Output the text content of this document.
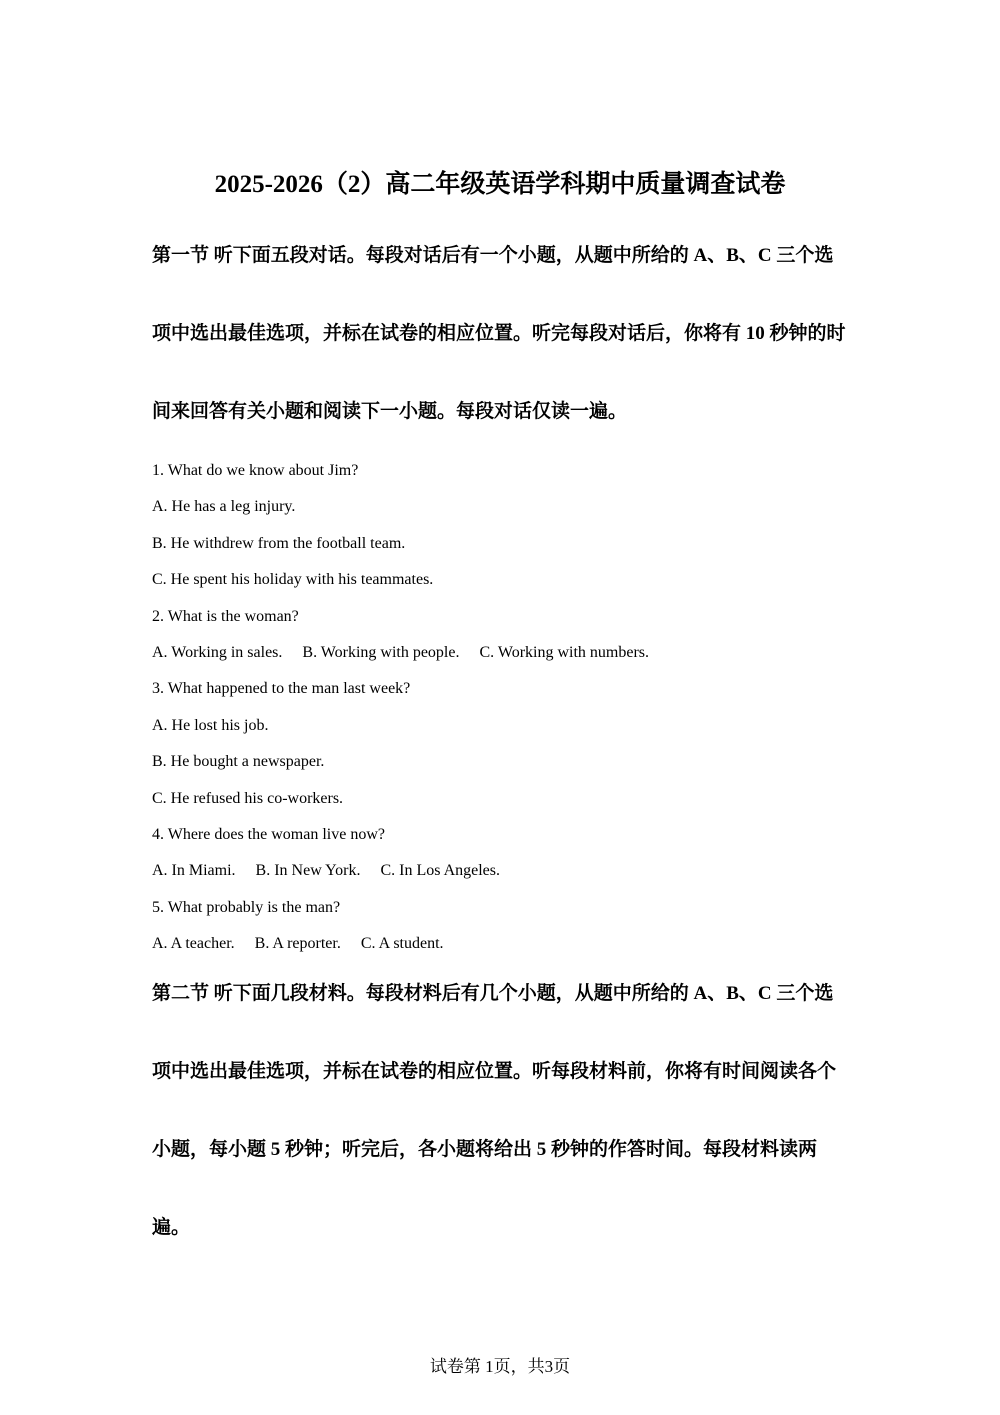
2025-2026（2）高二年级英语学科期中质量调查试卷

第一节 听下面五段对话。每段对话后有一个小题，从题中所给的 A、B、C 三个选项中选出最佳选项，并标在试卷的相应位置。听完每段对话后，你将有 10 秒钟的时间来回答有关小题和阅读下一小题。每段对话仅读一遍。

1. What do we know about Jim?
A. He has a leg injury.
B. He withdrew from the football team.
C. He spent his holiday with his teammates.
2. What is the woman?
A. Working in sales. B. Working with people. C. Working with numbers.
3. What happened to the man last week?
A. He lost his job.
B. He bought a newspaper.
C. He refused his co-workers.
4. Where does the woman live now?
A. In Miami. B. In New York. C. In Los Angeles.
5. What probably is the man?
A. A teacher. B. A reporter. C. A student.

第二节 听下面几段材料。每段材料后有几个小题，从题中所给的 A、B、C 三个选项中选出最佳选项，并标在试卷的相应位置。听每段材料前，你将有时间阅读各个小题，每小题 5 秒钟；听完后，各小题将给出 5 秒钟的作答时间。每段材料读两遍。

试卷第 1页，共3页
